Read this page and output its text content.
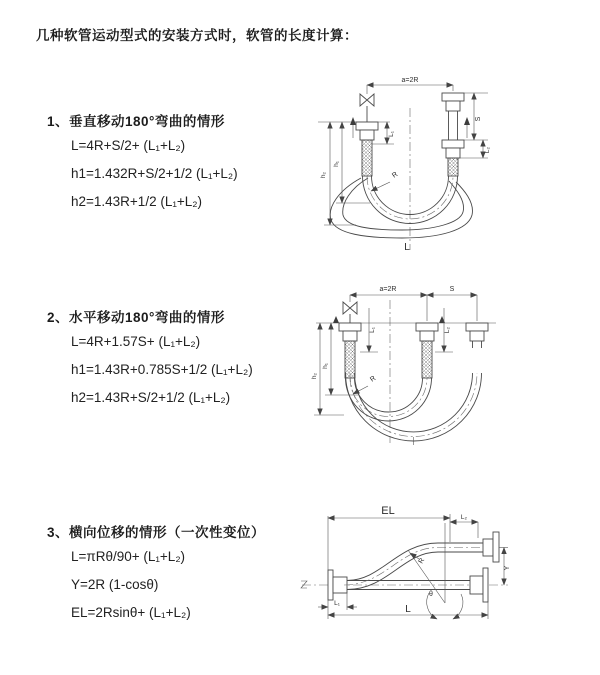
几种软管运动型式的安装方式时，软管的长度计算：
1、垂直移动180°弯曲的情形
L=4R+S/2+ (L₁+L₂)
h1=1.432R+S/2+1/2 (L₁+L₂)
h2=1.43R+1/2 (L₁+L₂)
2、水平移动180°弯曲的情形
L=4R+1.57S+ (L₁+L₂)
h1=1.43R+0.785S+1/2 (L₁+L₂)
h2=1.43R+S/2+1/2 (L₁+L₂)
3、横向位移的情形（一次性变位）
L=πRθ/90+ (L₁+L₂)
Y=2R (1-cosθ)
EL=2Rsinθ+ (L₁+L₂)
a=2R
S
L₂
L₁
h₁
h₂	R
L
a=2R	S
L₁	L₂
h₁
h₂	R
EL
L₂
Y
L
L₁
θ
R
